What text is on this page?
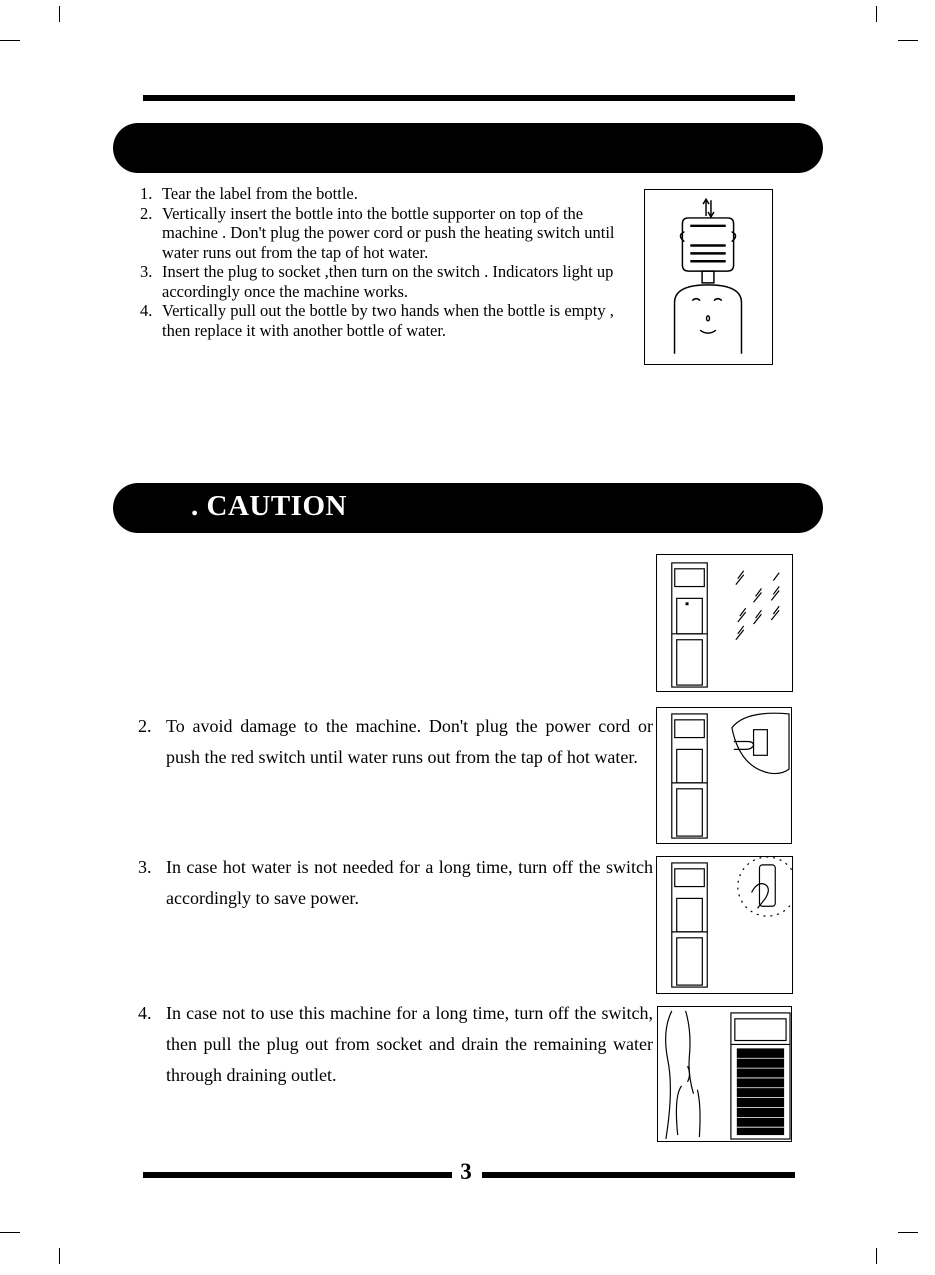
1. Tear the label from the bottle.
2. Vertically insert the bottle into the bottle supporter on top of the machine . Don't plug the power cord or push the heating switch until water runs out from the tap of hot water.
3. Insert the plug to socket ,then turn on the switch . Indicators light up accordingly once the machine works.
4. Vertically pull out the bottle by two hands when the bottle is empty , then replace it with another bottle of water.
. CAUTION
2. To avoid damage to the machine. Don't plug the power cord or push the red switch until water runs out from the tap of hot water.
3. In case hot water is not needed for a long time, turn off the switch accordingly to save power.
4. In case not to use this machine for a long time, turn off the switch, then pull the plug out from socket and drain the remaining water through draining outlet.
3
